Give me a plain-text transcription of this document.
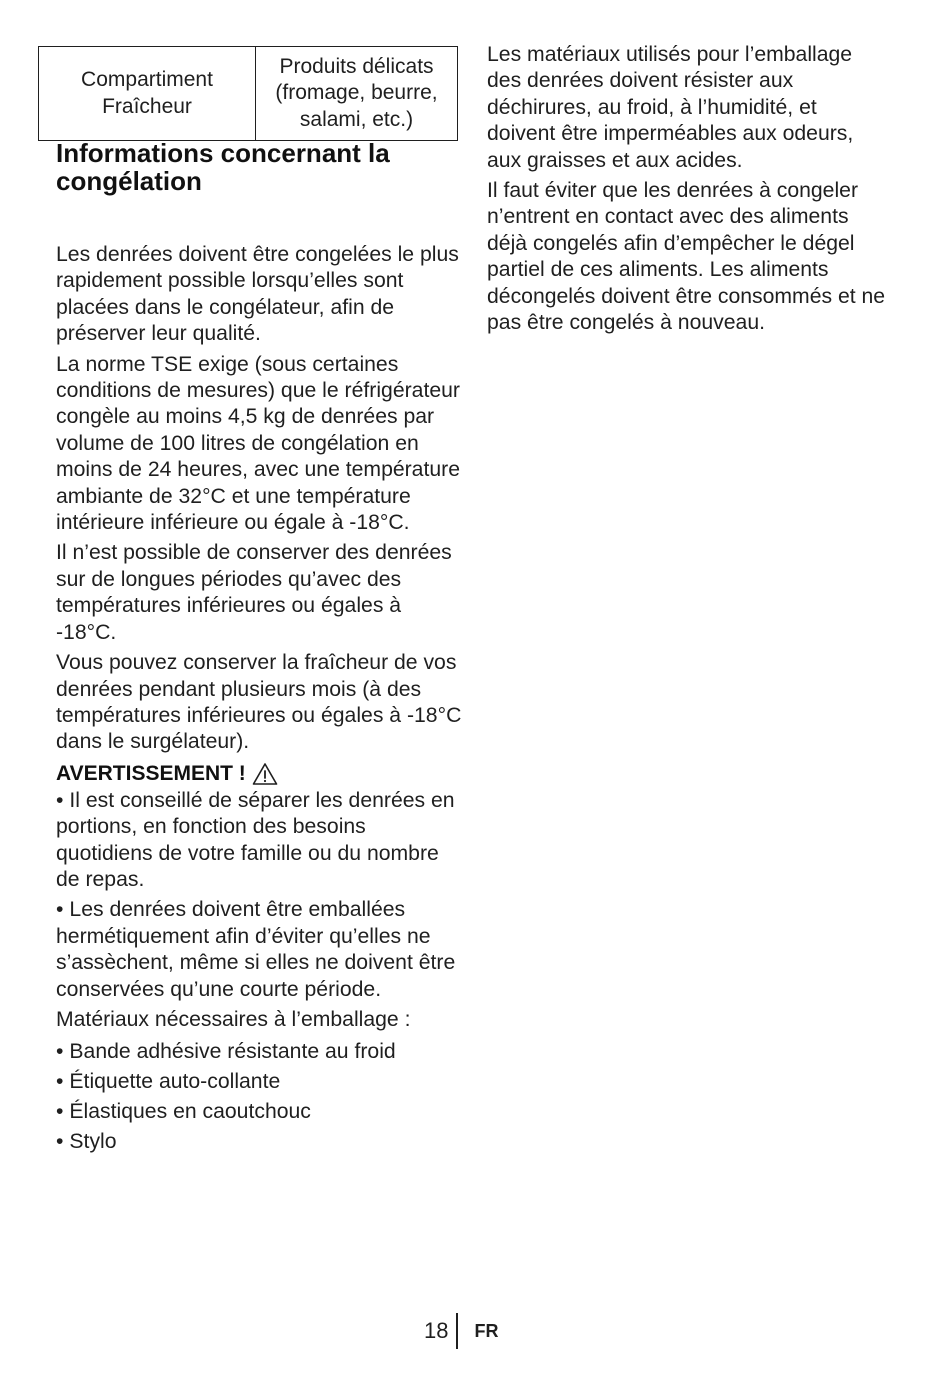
Compartiment Fraîcheur	Produits délicats (fromage, beurre, salami, etc.)
Informations concernant la congélation

Les denrées doivent être congelées le plus rapidement possible lorsqu’elles sont placées dans le congélateur, afin de préserver leur qualité.

La norme TSE exige (sous certaines conditions de mesures) que le réfrigérateur congèle au moins 4,5 kg de denrées par volume de 100 litres de congélation en moins de 24 heures, avec une température ambiante de 32°C et une température intérieure inférieure ou égale à -18°C.

Il n’est possible de conserver des denrées sur de longues périodes qu’avec des températures inférieures ou égales à -18°C.

Vous pouvez conserver la fraîcheur de vos denrées pendant plusieurs mois (à des températures inférieures ou égales à -18°C dans le surgélateur).

AVERTISSEMENT !

• Il est conseillé de séparer les denrées en portions, en fonction des besoins quotidiens de votre famille ou du nombre de repas.

• Les denrées doivent être emballées hermétiquement afin d’éviter qu’elles ne s’assèchent, même si elles ne doivent être conservées qu’une courte période.

Matériaux nécessaires à l’emballage :

• Bande adhésive résistante au froid
• Étiquette auto-collante
• Élastiques en caoutchouc
• Stylo

Les matériaux utilisés pour l’emballage des denrées doivent résister aux déchirures, au froid, à l’humidité, et doivent être imperméables aux odeurs, aux graisses et aux acides.

Il faut éviter que les denrées à congeler n’entrent en contact avec des aliments déjà congelés afin d’empêcher le dégel partiel de ces aliments. Les aliments décongelés doivent être consommés et ne pas être congelés à nouveau.

18 FR
